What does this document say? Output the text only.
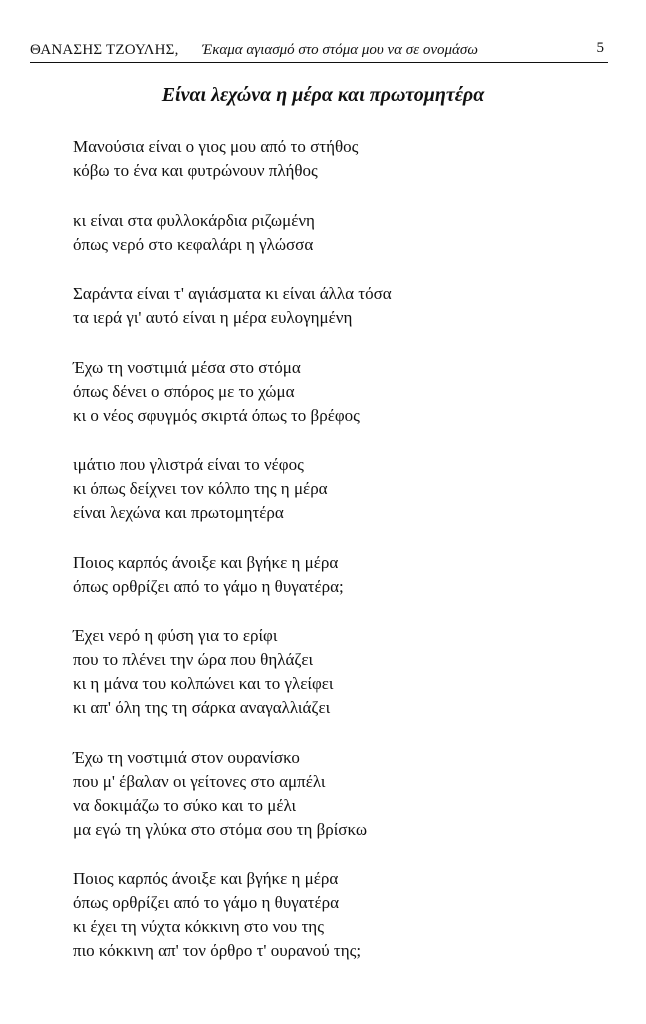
ΘΑΝΑΣΗΣ ΤΖΟΥΛΗΣ, Έκαμα αγιασμό στο στόμα μου να σε ονομάσω	5
Είναι λεχώνα η μέρα και πρωτομητέρα
Μανούσια είναι ο γιος μου από το στήθος
κόβω το ένα και φυτρώνουν πλήθος
κι είναι στα φυλλοκάρδια ριζωμένη
όπως νερό στο κεφαλάρι η γλώσσα
Σαράντα είναι τ' αγιάσματα κι είναι άλλα τόσα
τα ιερά γι' αυτό είναι η μέρα ευλογημένη
Έχω τη νοστιμιά μέσα στο στόμα
όπως δένει ο σπόρος με το χώμα
κι ο νέος σφυγμός σκιρτά όπως το βρέφος
ιμάτιο που γλιστρά είναι το νέφος
κι όπως δείχνει τον κόλπο της η μέρα
είναι λεχώνα και πρωτομητέρα
Ποιος καρπός άνοιξε και βγήκε η μέρα
όπως ορθρίζει από το γάμο η θυγατέρα;
Έχει νερό η φύση για το ερίφι
που το πλένει την ώρα που θηλάζει
κι η μάνα του κολπώνει και το γλείφει
κι απ' όλη της τη σάρκα αναγαλλιάζει
Έχω τη νοστιμιά στον ουρανίσκο
που μ' έβαλαν οι γείτονες στο αμπέλι
να δοκιμάζω το σύκο και το μέλι
μα εγώ τη γλύκα στο στόμα σου τη βρίσκω
Ποιος καρπός άνοιξε και βγήκε η μέρα
όπως ορθρίζει από το γάμο η θυγατέρα
κι έχει τη νύχτα κόκκινη στο νου της
πιο κόκκινη απ' τον όρθρο τ' ουρανού της;
